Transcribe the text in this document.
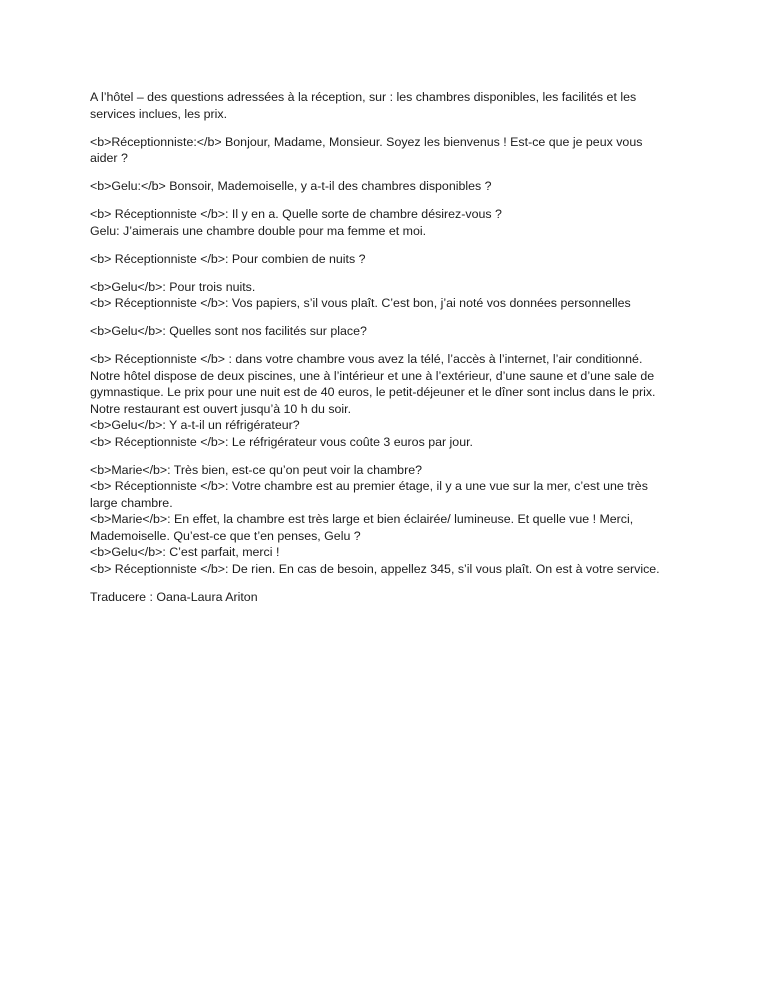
A l’hôtel – des questions adressées à la réception, sur : les chambres disponibles, les facilités et les
services inclues, les prix.
<b>Réceptionniste:</b> Bonjour, Madame, Monsieur. Soyez les bienvenus ! Est-ce que je peux vous
aider ?
<b>Gelu:</b> Bonsoir, Mademoiselle, y a-t-il des chambres disponibles ?
<b> Réceptionniste </b>: Il y en a. Quelle sorte de chambre désirez-vous ?
Gelu: J’aimerais une chambre double pour ma femme et moi.
<b> Réceptionniste </b>: Pour combien de nuits ?
<b>Gelu</b>: Pour trois nuits.
<b> Réceptionniste </b>: Vos papiers, s’il vous plaît. C’est bon, j’ai noté vos données personnelles
<b>Gelu</b>: Quelles sont nos facilités sur place?
<b> Réceptionniste </b> : dans votre chambre vous avez la télé, l’accès à l’internet, l’air conditionné.
Notre hôtel dispose de deux piscines, une à l’intérieur et une à l’extérieur, d’une saune et d’une sale de
gymnastique. Le prix pour une nuit est de 40 euros, le petit-déjeuner et le dîner sont inclus dans le prix.
Notre restaurant est ouvert jusqu’à 10 h du soir.
<b>Gelu</b>: Y a-t-il un réfrigérateur?
<b> Réceptionniste </b>: Le réfrigérateur vous coûte 3 euros par jour.
<b>Marie</b>: Très bien, est-ce qu’on peut voir la chambre?
<b> Réceptionniste </b>: Votre chambre est au premier étage, il y a une vue sur la mer, c’est une très
large chambre.
<b>Marie</b>: En effet, la chambre est très large et bien éclairée/ lumineuse. Et quelle vue ! Merci,
Mademoiselle. Qu’est-ce que t’en penses, Gelu ?
<b>Gelu</b>: C’est parfait, merci !
<b> Réceptionniste </b>: De rien. En cas de besoin, appellez 345, s’il vous plaît. On est à votre service.
Traducere : Oana-Laura Ariton
